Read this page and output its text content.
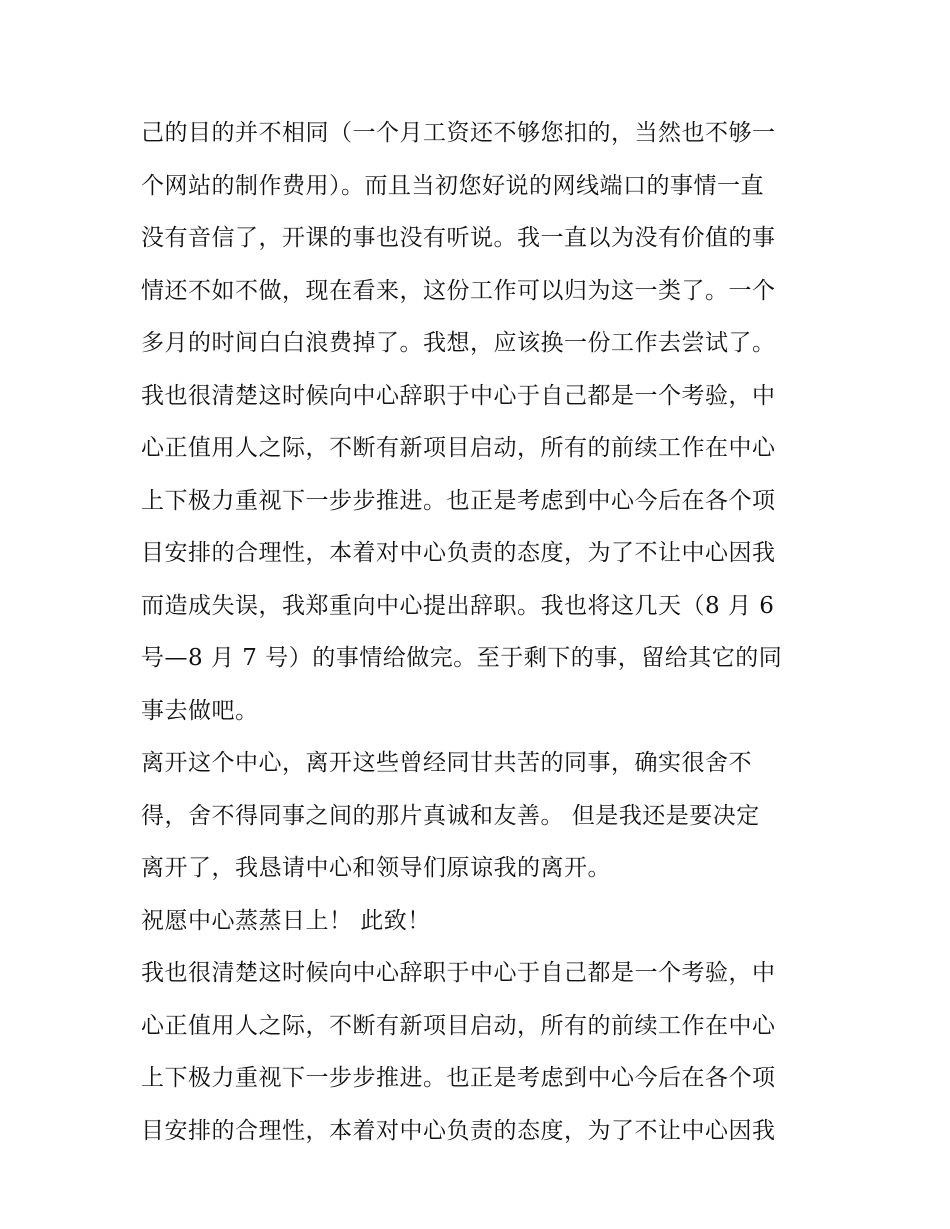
己的目的并不相同（一个月工资还不够您扣的，当然也不够一
个网站的制作费用）。而且当初您好说的网线端口的事情一直
没有音信了，开课的事也没有听说。我一直以为没有价值的事
情还不如不做，现在看来，这份工作可以归为这一类了。一个
多月的时间白白浪费掉了。我想，应该换一份工作去尝试了。
我也很清楚这时候向中心辞职于中心于自己都是一个考验，中
心正值用人之际，不断有新项目启动，所有的前续工作在中心
上下极力重视下一步步推进。也正是考虑到中心今后在各个项
目安排的合理性，本着对中心负责的态度，为了不让中心因我
而造成失误，我郑重向中心提出辞职。我也将这几天（8 月 6
号—8 月 7 号）的事情给做完。至于剩下的事，留给其它的同
事去做吧。
离开这个中心，离开这些曾经同甘共苦的同事，确实很舍不
得，舍不得同事之间的那片真诚和友善。 但是我还是要决定
离开了，我恳请中心和领导们原谅我的离开。
祝愿中心蒸蒸日上！ 此致！
我也很清楚这时候向中心辞职于中心于自己都是一个考验，中
心正值用人之际，不断有新项目启动，所有的前续工作在中心
上下极力重视下一步步推进。也正是考虑到中心今后在各个项
目安排的合理性，本着对中心负责的态度，为了不让中心因我
